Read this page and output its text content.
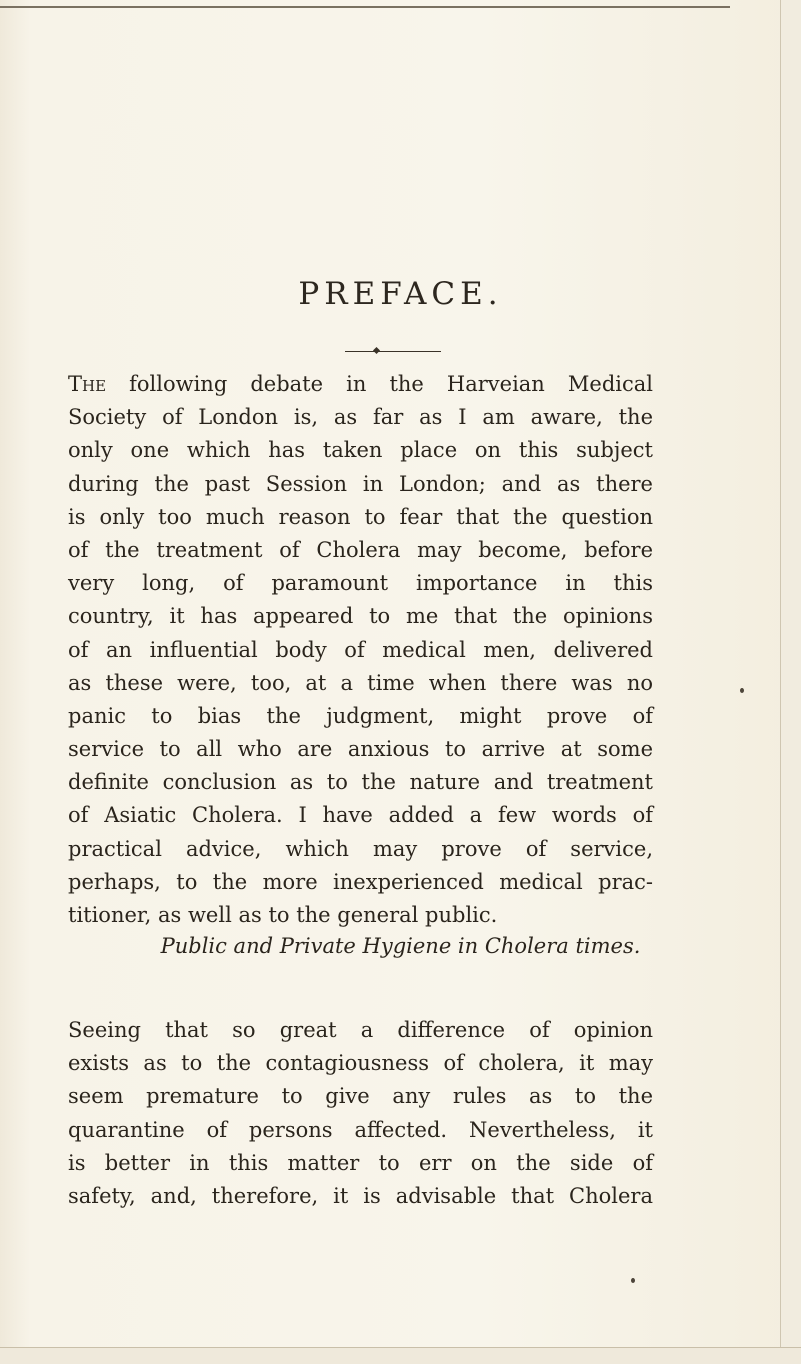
PREFACE.
The following debate in the Harveian Medical
Society of London is, as far as I am aware, the
only one which has taken place on this subject
during the past Session in London; and as there
is only too much reason to fear that the question
of the treatment of Cholera may become, before
very long, of paramount importance in this
country, it has appeared to me that the opinions
of an influential body of medical men, delivered
as these were, too, at a time when there was no
panic to bias the judgment, might prove of
service to all who are anxious to arrive at some
definite conclusion as to the nature and treatment
of Asiatic Cholera. I have added a few words of
practical advice, which may prove of service,
perhaps, to the more inexperienced medical prac-
titioner, as well as to the general public.
Public and Private Hygiene in Cholera times.
Seeing that so great a difference of opinion
exists as to the contagiousness of cholera, it may
seem premature to give any rules as to the
quarantine of persons affected. Nevertheless, it
is better in this matter to err on the side of
safety, and, therefore, it is advisable that Cholera
